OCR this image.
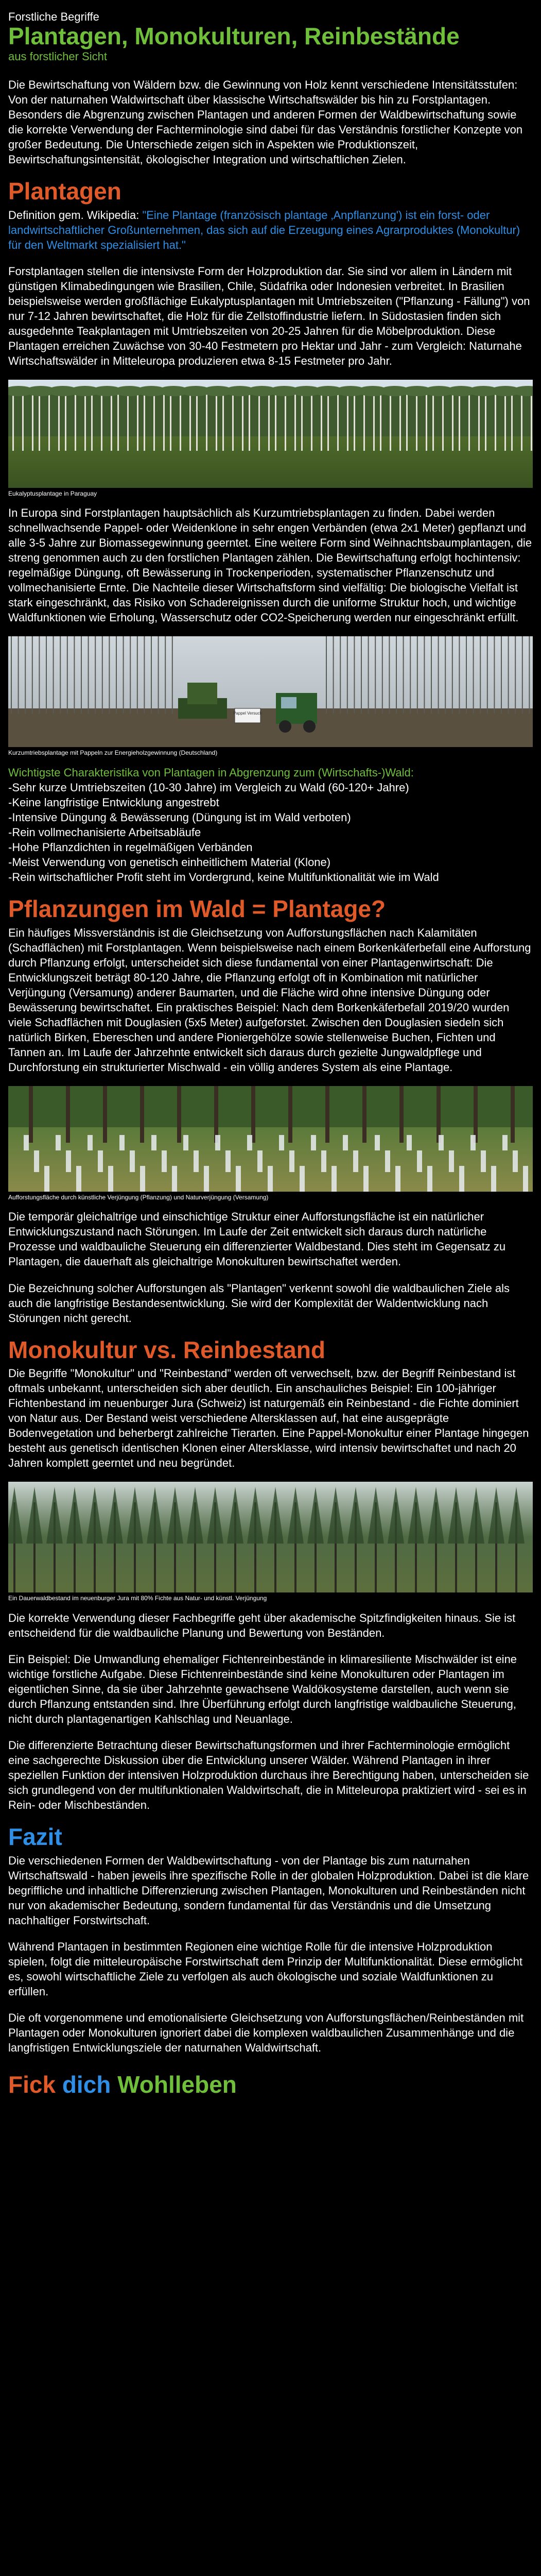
Forstliche Begriffe

Plantagen, Monokulturen, Reinbestände

aus forstlicher Sicht

Die Bewirtschaftung von Wäldern bzw. die Gewinnung von Holz kennt verschiedene Intensitätsstufen: Von der naturnahen Waldwirtschaft über klassische Wirtschaftswälder bis hin zu Forstplantagen. Besonders die Abgrenzung zwischen Plantagen und anderen Formen der Waldbewirtschaftung sowie die korrekte Verwendung der Fachterminologie sind dabei für das Verständnis forstlicher Konzepte von großer Bedeutung. Die Unterschiede zeigen sich in Aspekten wie Produktionszeit, Bewirtschaftungsintensität, ökologischer Integration und wirtschaftlichen Zielen.

Plantagen

Definition gem. Wikipedia: "Eine Plantage (französisch plantage ‚Anpflanzung') ist ein forst- oder landwirtschaftlicher Großunternehmen, das sich auf die Erzeugung eines Agrarproduktes (Monokultur) für den Weltmarkt spezialisiert hat."

Forstplantagen stellen die intensivste Form der Holzproduktion dar. Sie sind vor allem in Ländern mit günstigen Klimabedingungen wie Brasilien, Chile, Südafrika oder Indonesien verbreitet. In Brasilien beispielsweise werden großflächige Eukalyptusplantagen mit Umtriebszeiten ("Pflanzung - Fällung") von nur 7-12 Jahren bewirtschaftet, die Holz für die Zellstoffindustrie liefern. In Südostasien finden sich ausgedehnte Teakplantagen mit Umtriebszeiten von 20-25 Jahren für die Möbelproduktion. Diese Plantagen erreichen Zuwächse von 30-40 Festmetern pro Hektar und Jahr - zum Vergleich: Naturnahe Wirtschaftswälder in Mitteleuropa produzieren etwa 8-15 Festmeter pro Jahr.

Eukalyptusplantage in Paraguay

In Europa sind Forstplantagen hauptsächlich als Kurzumtriebsplantagen zu finden. Dabei werden schnellwachsende Pappel- oder Weidenklone in sehr engen Verbänden (etwa 2x1 Meter) gepflanzt und alle 3-5 Jahre zur Biomassegewinnung geerntet. Eine weitere Form sind Weihnachtsbaumplantagen, die streng genommen auch zu den forstlichen Plantagen zählen. Die Bewirtschaftung erfolgt hochintensiv: regelmäßige Düngung, oft Bewässerung in Trockenperioden, systematischer Pflanzenschutz und vollmechanisierte Ernte. Die Nachteile dieser Wirtschaftsform sind vielfältig: Die biologische Vielfalt ist stark eingeschränkt, das Risiko von Schadereignissen durch die uniforme Struktur hoch, und wichtige Waldfunktionen wie Erholung, Wasserschutz oder CO2-Speicherung werden nur eingeschränkt erfüllt.

Pappel Versuch

Kurzumtriebsplantage mit Pappeln zur Energieholzgewinnung (Deutschland)

Wichtigste Charakteristika von Plantagen in Abgrenzung zum (Wirtschafts-)Wald:

-Sehr kurze Umtriebszeiten (10-30 Jahre) im Vergleich zu Wald (60-120+ Jahre)
-Keine langfristige Entwicklung angestrebt
-Intensive Düngung & Bewässerung (Düngung ist im Wald verboten)
-Rein vollmechanisierte Arbeitsabläufe
-Hohe Pflanzdichten in regelmäßigen Verbänden
-Meist Verwendung von genetisch einheitlichem Material (Klone)
-Rein wirtschaftlicher Profit steht im Vordergrund, keine Multifunktionalität wie im Wald
Pflanzungen im Wald = Plantage?

Ein häufiges Missverständnis ist die Gleichsetzung von Aufforstungsflächen nach Kalamitäten (Schadflächen) mit Forstplantagen. Wenn beispielsweise nach einem Borkenkäferbefall eine Aufforstung durch Pflanzung erfolgt, unterscheidet sich diese fundamental von einer Plantagenwirtschaft: Die Entwicklungszeit beträgt 80-120 Jahre, die Pflanzung erfolgt oft in Kombination mit natürlicher Verjüngung (Versamung) anderer Baumarten, und die Fläche wird ohne intensive Düngung oder Bewässerung bewirtschaftet. Ein praktisches Beispiel: Nach dem Borkenkäferbefall 2019/20 wurden viele Schadflächen mit Douglasien (5x5 Meter) aufgeforstet. Zwischen den Douglasien siedeln sich natürlich Birken, Ebereschen und andere Pioniergehölze sowie stellenweise Buchen, Fichten und Tannen an. Im Laufe der Jahrzehnte entwickelt sich daraus durch gezielte Jungwaldpflege und Durchforstung ein strukturierter Mischwald - ein völlig anderes System als eine Plantage.

Aufforstungsfläche durch künstliche Verjüngung (Pflanzung) und Naturverjüngung (Versamung)

Die temporär gleichaltrige und einschichtige Struktur einer Aufforstungsfläche ist ein natürlicher Entwicklungszustand nach Störungen. Im Laufe der Zeit entwickelt sich daraus durch natürliche Prozesse und waldbauliche Steuerung ein differenzierter Waldbestand. Dies steht im Gegensatz zu Plantagen, die dauerhaft als gleichaltrige Monokulturen bewirtschaftet werden.

Die Bezeichnung solcher Aufforstungen als "Plantagen" verkennt sowohl die waldbaulichen Ziele als auch die langfristige Bestandesentwicklung. Sie wird der Komplexität der Waldentwicklung nach Störungen nicht gerecht.

Monokultur vs. Reinbestand

Die Begriffe "Monokultur" und "Reinbestand" werden oft verwechselt, bzw. der Begriff Reinbestand ist oftmals unbekannt, unterscheiden sich aber deutlich. Ein anschauliches Beispiel: Ein 100-jähriger Fichtenbestand im neuenburger Jura (Schweiz) ist naturgemäß ein Reinbestand - die Fichte dominiert von Natur aus. Der Bestand weist verschiedene Altersklassen auf, hat eine ausgeprägte Bodenvegetation und beherbergt zahlreiche Tierarten. Eine Pappel-Monokultur einer Plantage hingegen besteht aus genetisch identischen Klonen einer Altersklasse, wird intensiv bewirtschaftet und nach 20 Jahren komplett geerntet und neu begründet.

Ein Dauerwaldbestand im neuenburger Jura mit 80% Fichte aus Natur- und künstl. Verjüngung

Die korrekte Verwendung dieser Fachbegriffe geht über akademische Spitzfindigkeiten hinaus. Sie ist entscheidend für die waldbauliche Planung und Bewertung von Beständen.

Ein Beispiel: Die Umwandlung ehemaliger Fichtenreinbestände in klimaresiliente Mischwälder ist eine wichtige forstliche Aufgabe. Diese Fichtenreinbestände sind keine Monokulturen oder Plantagen im eigentlichen Sinne, da sie über Jahrzehnte gewachsene Waldökosysteme darstellen, auch wenn sie durch Pflanzung entstanden sind. Ihre Überführung erfolgt durch langfristige waldbauliche Steuerung, nicht durch plantagenartigen Kahlschlag und Neuanlage.

Die differenzierte Betrachtung dieser Bewirtschaftungsformen und ihrer Fachterminologie ermöglicht eine sachgerechte Diskussion über die Entwicklung unserer Wälder. Während Plantagen in ihrer speziellen Funktion der intensiven Holzproduktion durchaus ihre Berechtigung haben, unterscheiden sie sich grundlegend von der multifunktionalen Waldwirtschaft, die in Mitteleuropa praktiziert wird - sei es in Rein- oder Mischbeständen.

Fazit

Die verschiedenen Formen der Waldbewirtschaftung - von der Plantage bis zum naturnahen Wirtschaftswald - haben jeweils ihre spezifische Rolle in der globalen Holzproduktion. Dabei ist die klare begriffliche und inhaltliche Differenzierung zwischen Plantagen, Monokulturen und Reinbeständen nicht nur von akademischer Bedeutung, sondern fundamental für das Verständnis und die Umsetzung nachhaltiger Forstwirtschaft.

Während Plantagen in bestimmten Regionen eine wichtige Rolle für die intensive Holzproduktion spielen, folgt die mitteleuropäische Forstwirtschaft dem Prinzip der Multifunktionalität. Diese ermöglicht es, sowohl wirtschaftliche Ziele zu verfolgen als auch ökologische und soziale Waldfunktionen zu erfüllen.

Die oft vorgenommene und emotionalisierte Gleichsetzung von Aufforstungsflächen/Reinbeständen mit Plantagen oder Monokulturen ignoriert dabei die komplexen waldbaulichen Zusammenhänge und die langfristigen Entwicklungsziele der naturnahen Waldwirtschaft.

Fick dich Wohlleben
